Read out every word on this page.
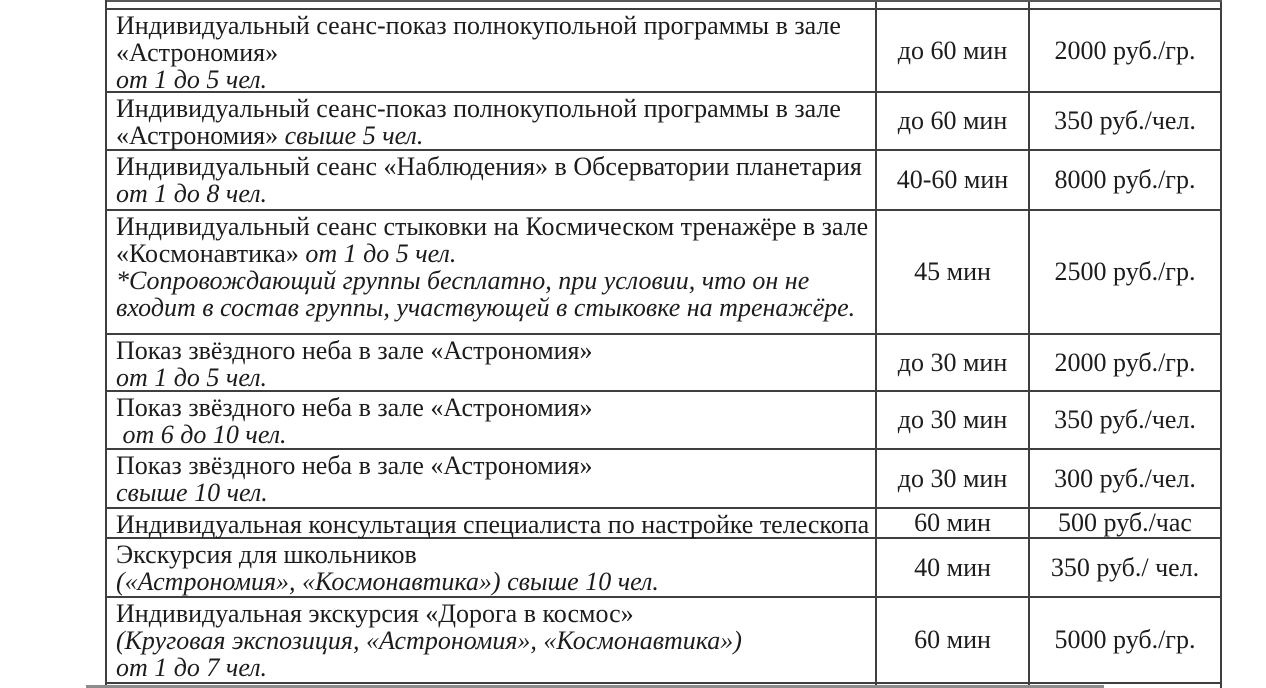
Индивидуальный сеанс-показ полнокупольной программы в зале
«Астрономия»
от 1 до 5 чел.
до 60 мин	2000 руб./гр.
Индивидуальный сеанс-показ полнокупольной программы в зале
«Астрономия» свыше 5 чел.
до 60 мин	350 руб./чел.
Индивидуальный сеанс «Наблюдения» в Обсерватории планетария
от 1 до 8 чел.	40-60 мин	8000 руб./гр.
Индивидуальный сеанс стыковки на Космическом тренажёре в зале
«Космонавтика» от 1 до 5 чел.
*Сопровождающий группы бесплатно, при условии, что он не
входит в состав группы, участвующей в стыковке на тренажёре.
45 мин	2500 руб./гр.
Показ звёздного неба в зале «Астрономия»
от 1 до 5 чел.
до 30 мин	2000 руб./гр.
Показ звёздного неба в зале «Астрономия»
от 6 до 10 чел.
до 30 мин	350 руб./чел.
Показ звёздного неба в зале «Астрономия»
свыше 10 чел.	до 30 мин	300 руб./чел.
Индивидуальная консультация специалиста по настройке телескопа	60 мин	500 руб./час
Экскурсия для школьников
(«Астрономия», «Космонавтика») свыше 10 чел.	40 мин	350 руб./ чел.
Индивидуальная экскурсия «Дорога в космос»
(Круговая экспозиция, «Астрономия», «Космонавтика»)
от 1 до 7 чел.
60 мин	5000 руб./гр.
